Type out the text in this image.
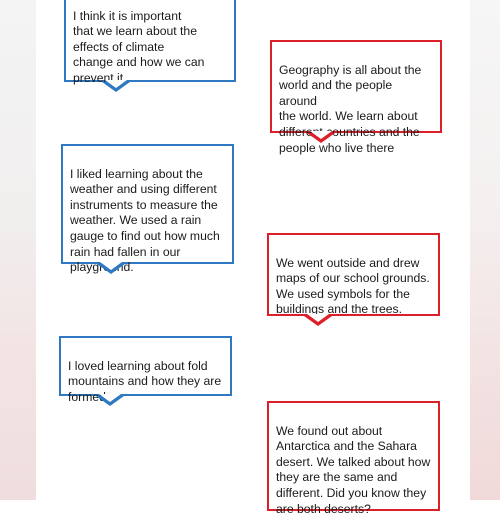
I think it is important
that we learn about the
effects of climate
change and how we can
prevent it

Geography is all about the
world and the people around
the world. We learn about
different countries and the
people who live there

I liked learning about the
weather and using different
instruments to measure the
weather. We used a rain
gauge to find out how much
rain had fallen in our
playground.	We went outside and drew
maps of our school grounds.
We used symbols for the
buildings and the trees.

I loved learning about fold
mountains and how they are
formed

We found out about
Antarctica and the Sahara
desert. We talked about how
they are the same and
different. Did you know they
are both deserts?
